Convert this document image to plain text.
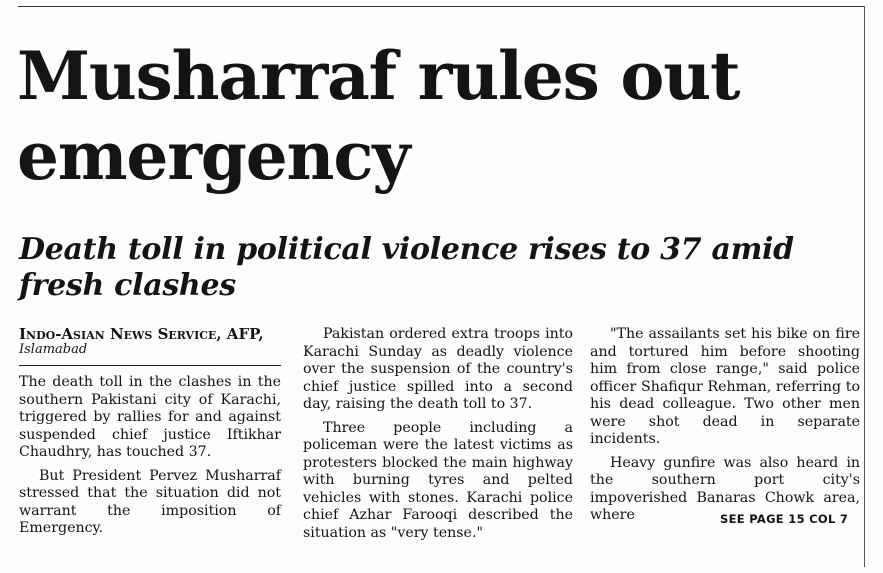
Musharraf rules out emergency
Death toll in political violence rises to 37 amid fresh clashes
Indo-Asian News Service, AFP,
Islamabad

The death toll in the clashes in the southern Pakistani city of Karachi, triggered by rallies for and against suspended chief justice Iftikhar Chaudhry, has touched 37.

But President Pervez Musharraf stressed that the situation did not warrant the imposition of Emergency.

Pakistan ordered extra troops into Karachi Sunday as deadly violence over the suspension of the country's chief justice spilled into a second day, raising the death toll to 37.

Three people including a policeman were the latest victims as protesters blocked the main highway with burning tyres and pelted vehicles with stones. Karachi police chief Azhar Farooqi described the situation as "very tense."

"The assailants set his bike on fire and tortured him before shooting him from close range," said police officer Shafiqur Rehman, referring to his dead colleague. Two other men were shot dead in separate incidents.

Heavy gunfire was also heard in the southern port city's impoverished Banaras Chowk area, where	SEE PAGE 15 COL 7
